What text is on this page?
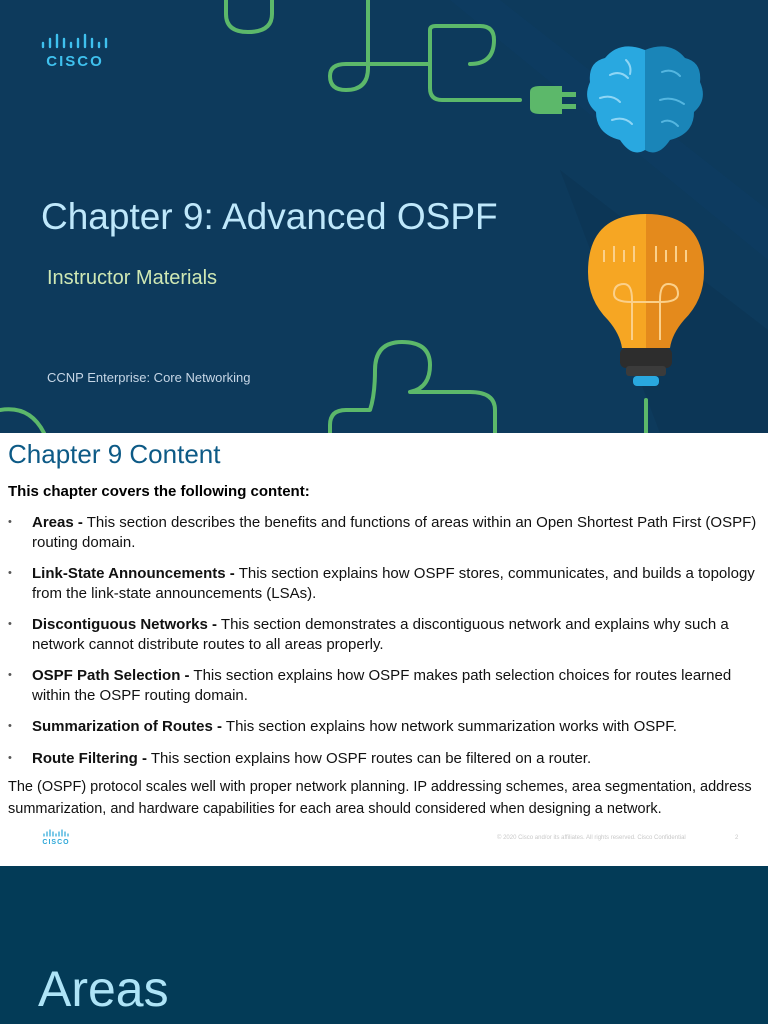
CISCO
Chapter 9: Advanced OSPF
Instructor Materials
CCNP Enterprise: Core Networking
Chapter 9 Content
This chapter covers the following content:
• Areas - This section describes the benefits and functions of areas within an Open Shortest Path First (OSPF) routing domain.
• Link-State Announcements - This section explains how OSPF stores, communicates, and builds a topology from the link-state announcements (LSAs).
• Discontiguous Networks - This section demonstrates a discontiguous network and explains why such a network cannot distribute routes to all areas properly.
• OSPF Path Selection - This section explains how OSPF makes path selection choices for routes learned within the OSPF routing domain.
• Summarization of Routes - This section explains how network summarization works with OSPF.
• Route Filtering - This section explains how OSPF routes can be filtered on a router.
The (OSPF) protocol scales well with proper network planning. IP addressing schemes, area segmentation, address summarization, and hardware capabilities for each area should considered when designing a network.
CISCO
© 2020 Cisco and/or its affiliates. All rights reserved. Cisco Confidential	2
Areas
